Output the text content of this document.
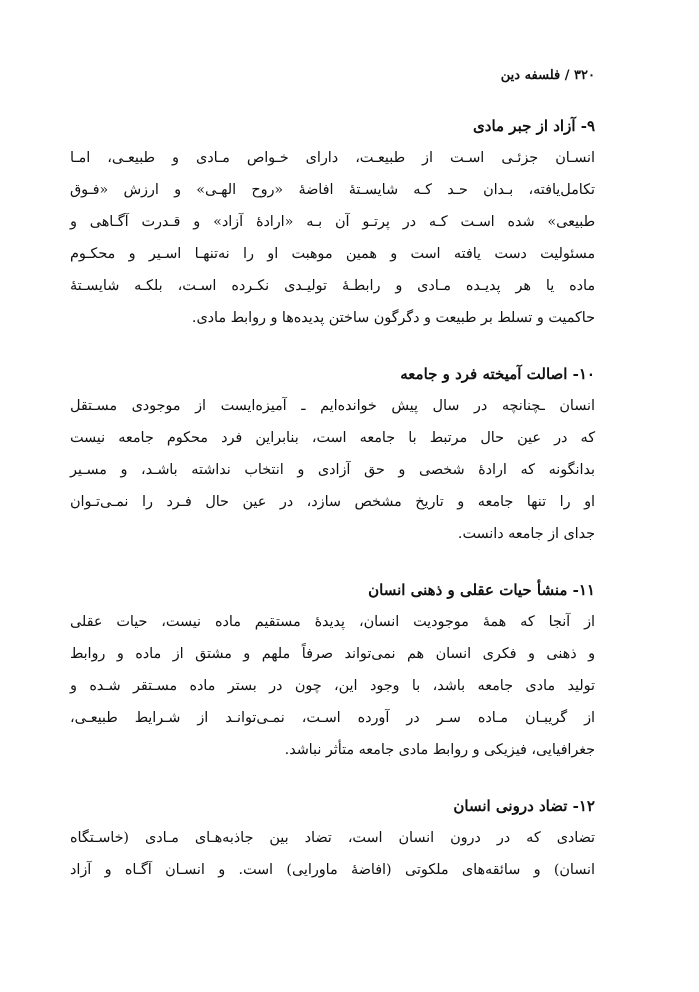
۳۲۰ / فلسفه دین
۹- آزاد از جبر مادی

انسـان جزئـی اسـت از طبیعـت، دارای خـواص مـادی و طبیعـی، امـا

تکامل‌یافته، بـدان حـد کـه شایسـتهٔ افاضهٔ «روح الهـی» و ارزش «فـوق

طبیعی» شده اسـت کـه در پرتـو آن بـه «ارادهٔ آزاد» و قـدرت آگـاهی و

مسئولیت دست یافته است و همین موهبت او را نه‌تنهـا اسـیر و محکـوم

ماده یا هر پدیـده مـادی و رابطـهٔ تولیـدی نکـرده اسـت، بلکـه شایسـتهٔ

حاکمیت و تسلط بر طبیعت و دگرگون ساختن پدیده‌ها و روابط مادی.

۱۰- اصالت آمیخته فرد و جامعه

انسان ـچنانچه در سال پیش خوانده‌ایم ـ آمیزه‌ایست از موجودی مسـتقل

که در عین حال مرتبط با جامعه است، بنابراین فرد محکوم جامعه نیست

بدانگونه که ارادهٔ شخصی و حق آزادی و انتخاب نداشته باشـد، و مسـیر

او را تنها جامعه و تاریخ مشخص سازد، در عین حال فـرد را نمـی‌تـوان

جدای از جامعه دانست.

۱۱- منشأ حیات عقلی و ذهنی انسان

از آنجا که همهٔ موجودیت انسان، پدیدهٔ مستقیم ماده نیست، حیات عقلی

و ذهنی و فکری انسان هم نمی‌تواند صرفاً ملهم و مشتق از ماده و روابط

تولید مادی جامعه باشد، با وجود این، چون در بستر ماده مسـتقر شـده و

از گریبـان مـاده سـر در آورده اسـت، نمـی‌توانـد از شـرایط طبیعـی،

جغرافیایی، فیزیکی و روابط مادی جامعه متأثر نباشد.

۱۲- تضاد درونی انسان

تضادی که در درون انسان است، تضاد بین جاذبه‌هـای مـادی (خاسـتگاه

انسان) و سائقه‌های ملکوتی (افاضهٔ ماورایی) است. و انسـان آگـاه و آزاد
